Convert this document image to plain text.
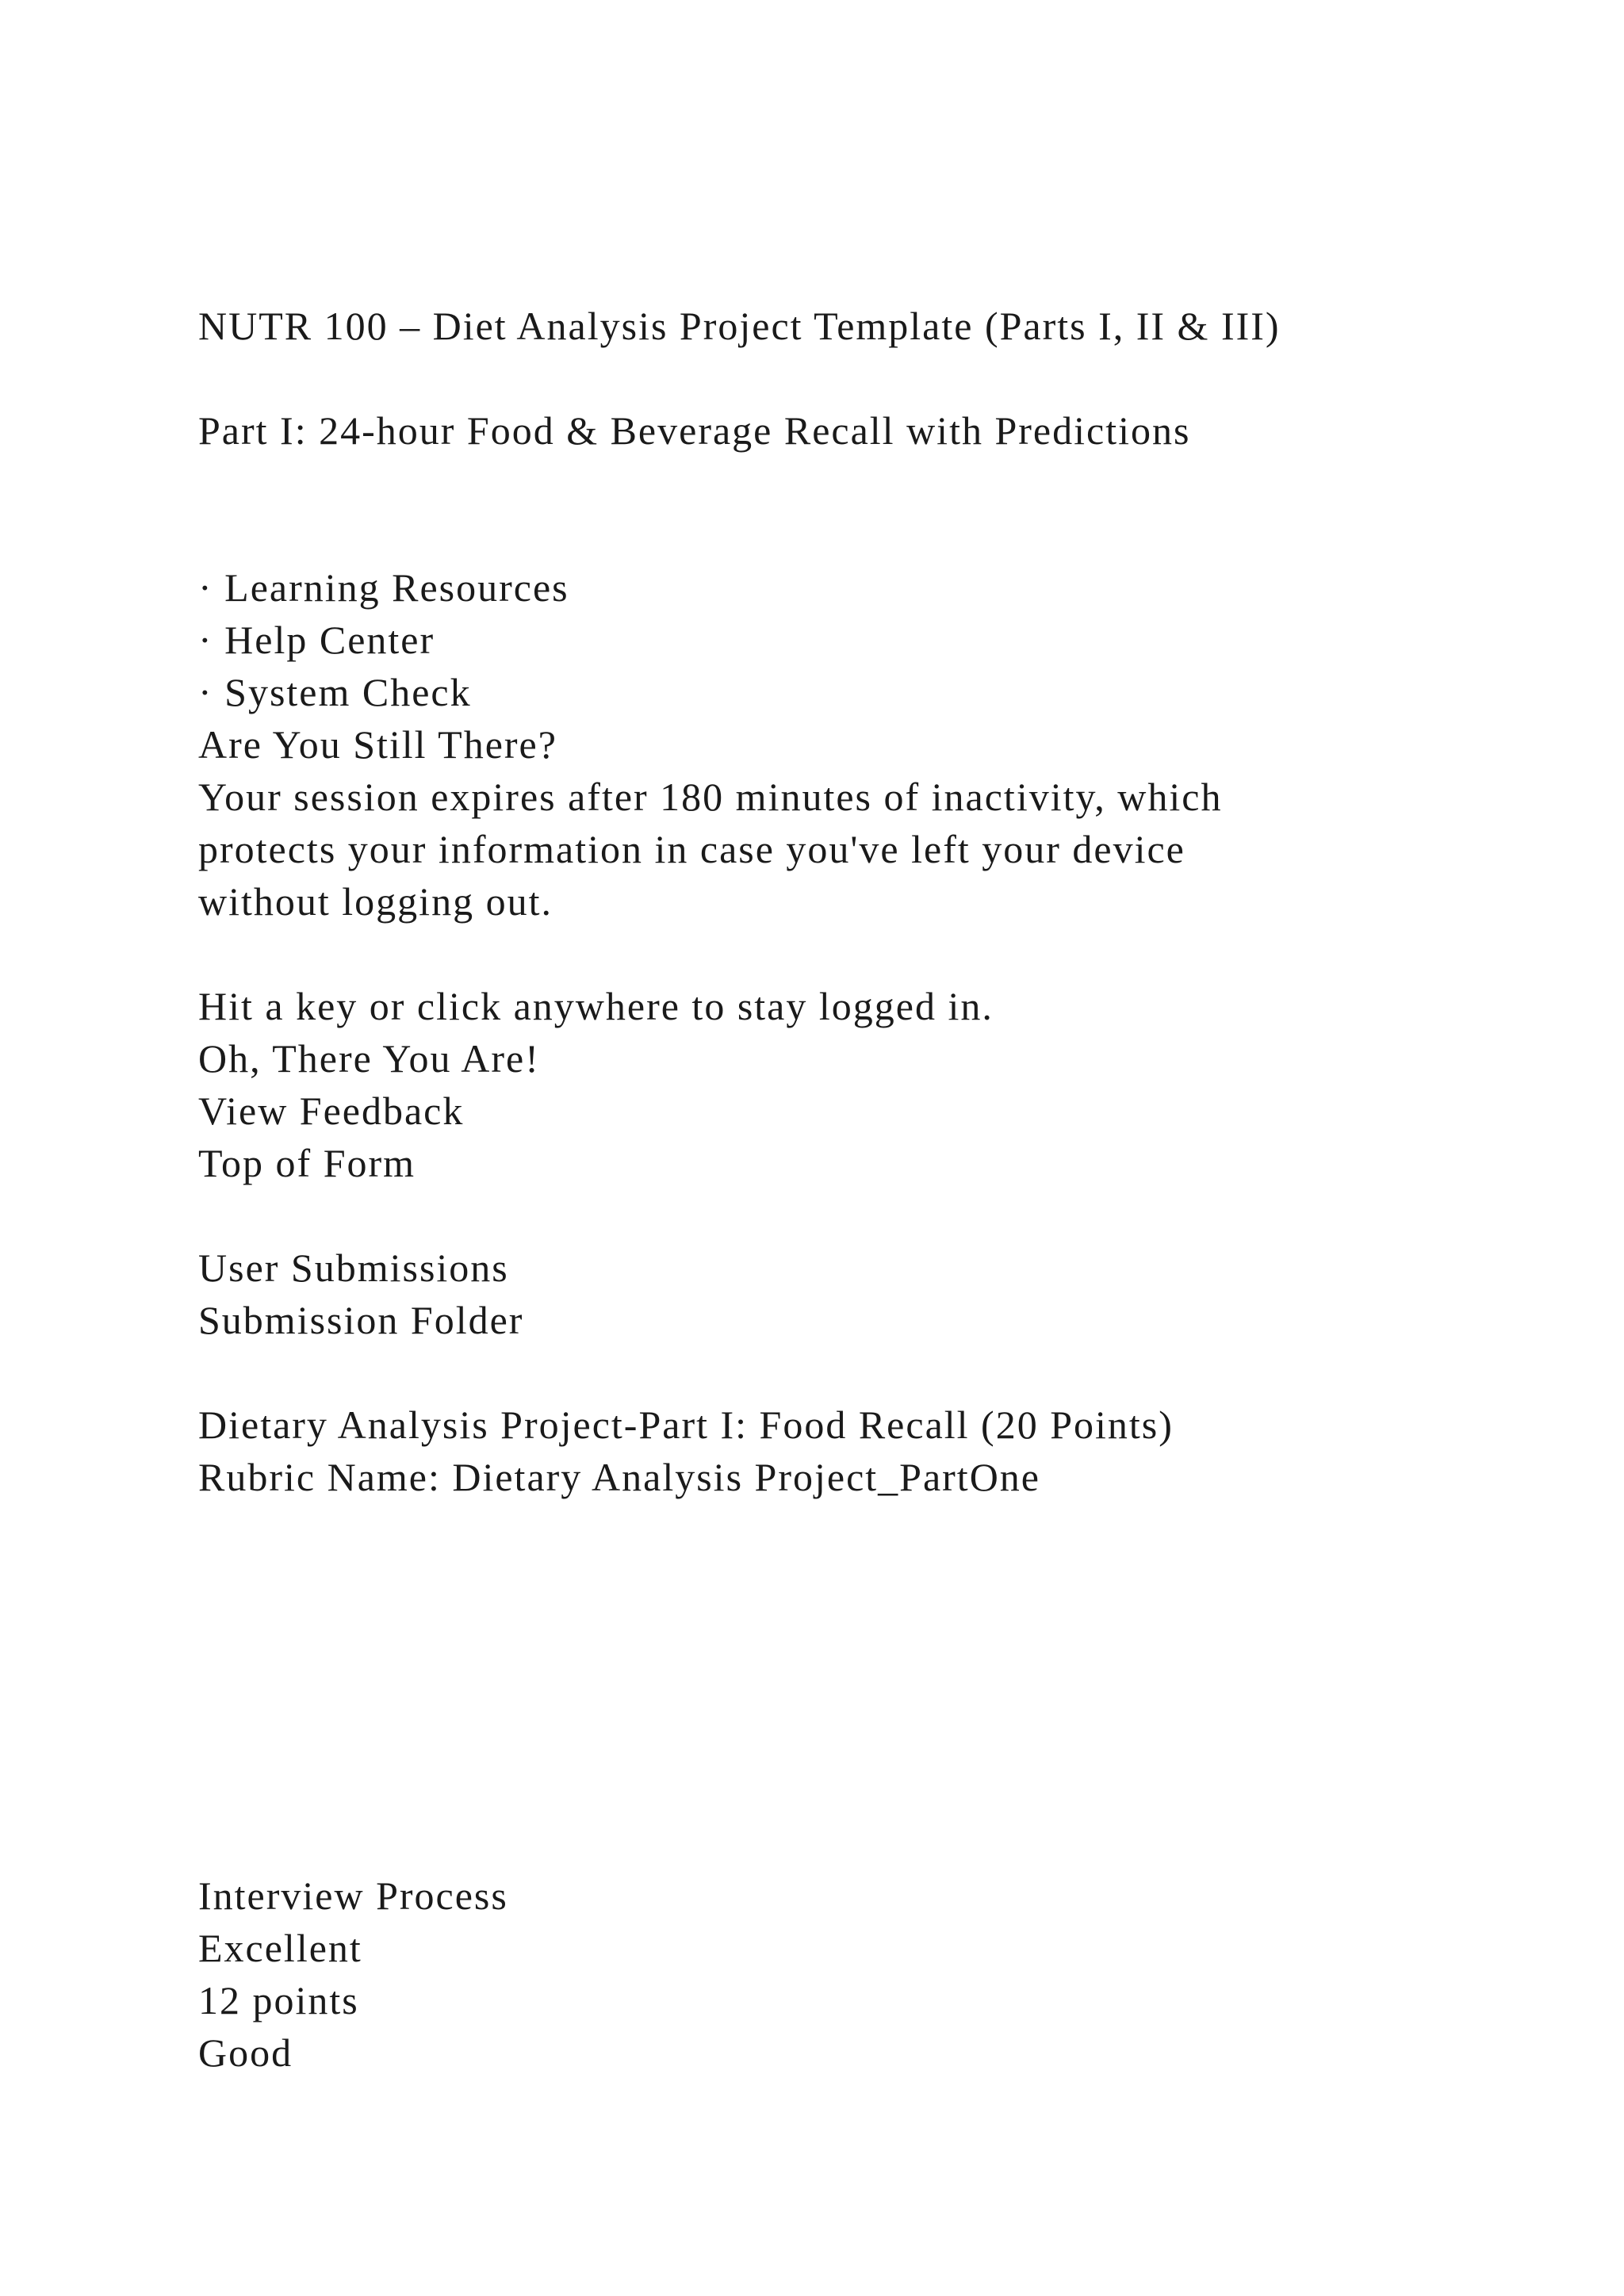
NUTR 100 – Diet Analysis Project Template (Parts I, II & III)
Part I: 24-hour Food & Beverage Recall with Predictions
· Learning Resources
· Help Center
· System Check
Are You Still There?
Your session expires after 180 minutes of inactivity, which
protects your information in case you've left your device
without logging out.
Hit a key or click anywhere to stay logged in.
Oh, There You Are!
View Feedback
Top of Form
User Submissions
Submission Folder
Dietary Analysis Project-Part I: Food Recall (20 Points)
Rubric Name: Dietary Analysis Project_PartOne
Interview Process
Excellent
12 points
Good
